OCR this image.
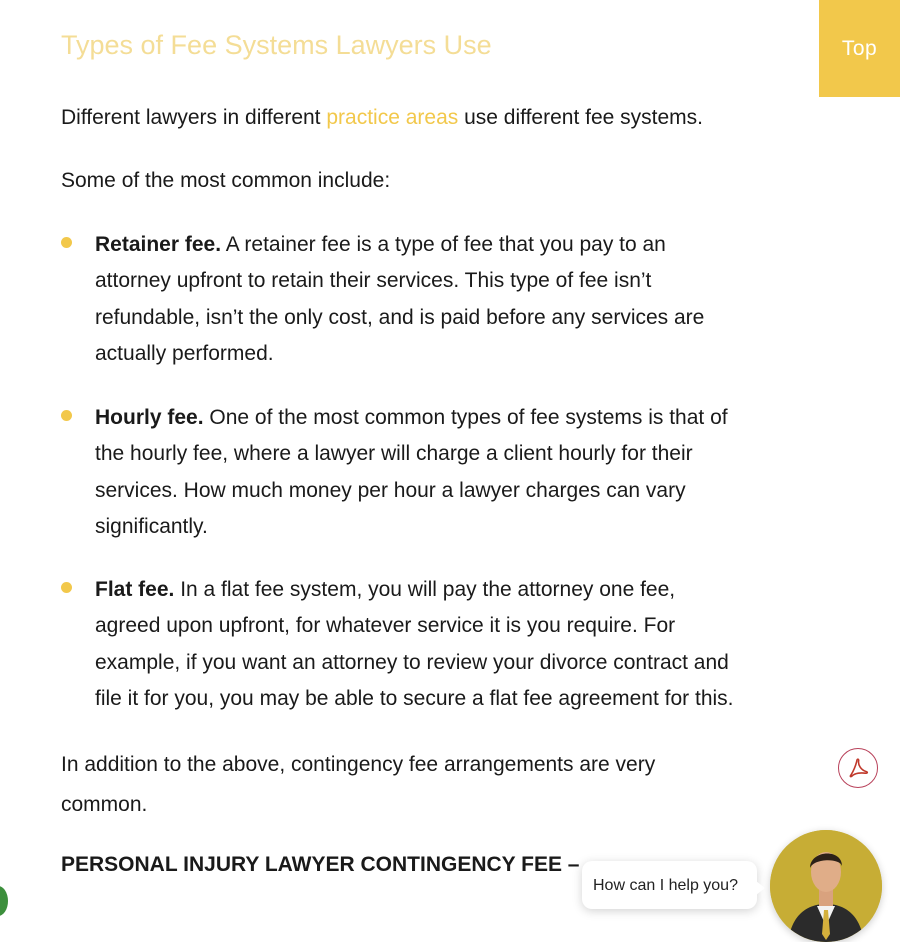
Top
Types of Fee Systems Lawyers Use

Different lawyers in different practice areas use different fee systems.

Some of the most common include:

Retainer fee. A retainer fee is a type of fee that you pay to an
attorney upfront to retain their services. This type of fee isn’t
refundable, isn’t the only cost, and is paid before any services are
actually performed.
Hourly fee. One of the most common types of fee systems is that of
the hourly fee, where a lawyer will charge a client hourly for their
services. How much money per hour a lawyer charges can vary
significantly.
Flat fee. In a flat fee system, you will pay the attorney one fee,
agreed upon upfront, for whatever service it is you require. For
example, if you want an attorney to review your divorce contract and
file it for you, you may be able to secure a flat fee agreement for this.

In addition to the above, contingency fee arrangements are very
common.

PERSONAL INJURY LAWYER CONTINGENCY FEE –
How can I help you?
